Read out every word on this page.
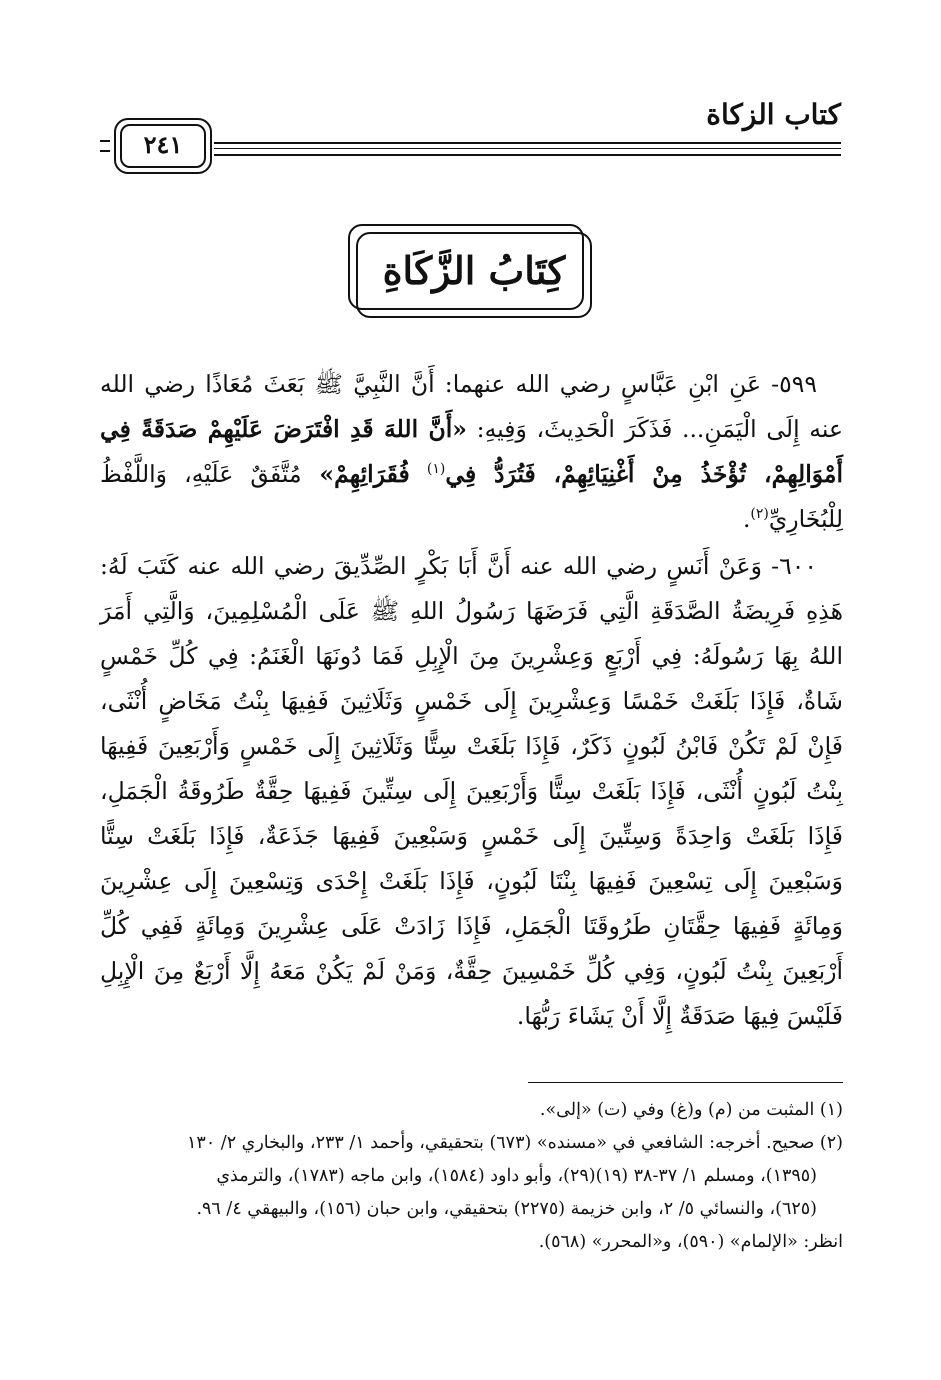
كتاب الزكاة
٢٤١
كِتَابُ الزَّكَاةِ

٥٩٩- عَنِ ابْنِ عَبَّاسٍ رضي الله عنهما: أَنَّ النَّبِيَّ ﷺ بَعَثَ مُعَاذًا رضي الله عنه إِلَى الْيَمَنِ... فَذَكَرَ الْحَدِيثَ، وَفِيهِ: «أَنَّ اللهَ قَدِ افْتَرَضَ عَلَيْهِمْ صَدَقَةً فِي أَمْوَالِهِمْ، تُؤْخَذُ مِنْ أَغْنِيَائِهِمْ، فَتُرَدُّ فِي$^{(١)}$ فُقَرَائِهِمْ» مُتَّفَقٌ عَلَيْهِ، وَاللَّفْظُ لِلْبُخَارِيِّ$^{(٢)}$.

٦٠٠- وَعَنْ أَنَسٍ رضي الله عنه أَنَّ أَبَا بَكْرٍ الصِّدِّيقَ رضي الله عنه كَتَبَ لَهُ: هَذِهِ فَرِيضَةُ الصَّدَقَةِ الَّتِي فَرَضَهَا رَسُولُ اللهِ ﷺ عَلَى الْمُسْلِمِينَ، وَالَّتِي أَمَرَ اللهُ بِهَا رَسُولَهُ: فِي أَرْبَعٍ وَعِشْرِينَ مِنَ الْإِبِلِ فَمَا دُونَهَا الْغَنَمُ: فِي كُلِّ خَمْسٍ شَاةٌ، فَإِذَا بَلَغَتْ خَمْسًا وَعِشْرِينَ إِلَى خَمْسٍ وَثَلَاثِينَ فَفِيهَا بِنْتُ مَخَاضٍ أُنْثَى، فَإِنْ لَمْ تَكُنْ فَابْنُ لَبُونٍ ذَكَرٌ، فَإِذَا بَلَغَتْ سِتًّا وَثَلَاثِينَ إِلَى خَمْسٍ وَأَرْبَعِينَ فَفِيهَا بِنْتُ لَبُونٍ أُنْثَى، فَإِذَا بَلَغَتْ سِتًّا وَأَرْبَعِينَ إِلَى سِتِّينَ فَفِيهَا حِقَّةٌ طَرُوقَةُ الْجَمَلِ، فَإِذَا بَلَغَتْ وَاحِدَةً وَسِتِّينَ إِلَى خَمْسٍ وَسَبْعِينَ فَفِيهَا جَذَعَةٌ، فَإِذَا بَلَغَتْ سِتًّا وَسَبْعِينَ إِلَى تِسْعِينَ فَفِيهَا بِنْتَا لَبُونٍ، فَإِذَا بَلَغَتْ إِحْدَى وَتِسْعِينَ إِلَى عِشْرِينَ وَمِائَةٍ فَفِيهَا حِقَّتَانِ طَرُوقَتَا الْجَمَلِ، فَإِذَا زَادَتْ عَلَى عِشْرِينَ وَمِائَةٍ فَفِي كُلِّ أَرْبَعِينَ بِنْتُ لَبُونٍ، وَفِي كُلِّ خَمْسِينَ حِقَّةٌ، وَمَنْ لَمْ يَكُنْ مَعَهُ إِلَّا أَرْبَعٌ مِنَ الْإِبِلِ فَلَيْسَ فِيهَا صَدَقَةٌ إِلَّا أَنْ يَشَاءَ رَبُّهَا.

(١) المثبت من (م) و(غ) وفي (ت) «إلى».

(٢) صحيح. أخرجه: الشافعي في «مسنده» (٦٧٣) بتحقيقي، وأحمد ١/ ٢٣٣، والبخاري ٢/ ١٣٠
(١٣٩٥)، ومسلم ١/ ٣٧-٣٨ (١٩)(٢٩)، وأبو داود (١٥٨٤)، وابن ماجه (١٧٨٣)، والترمذي
(٦٢٥)، والنسائي ٥/ ٢، وابن خزيمة (٢٢٧٥) بتحقيقي، وابن حبان (١٥٦)، والبيهقي ٤/ ٩٦.
انظر: «الإلمام» (٥٩٠)، و«المحرر» (٥٦٨).
